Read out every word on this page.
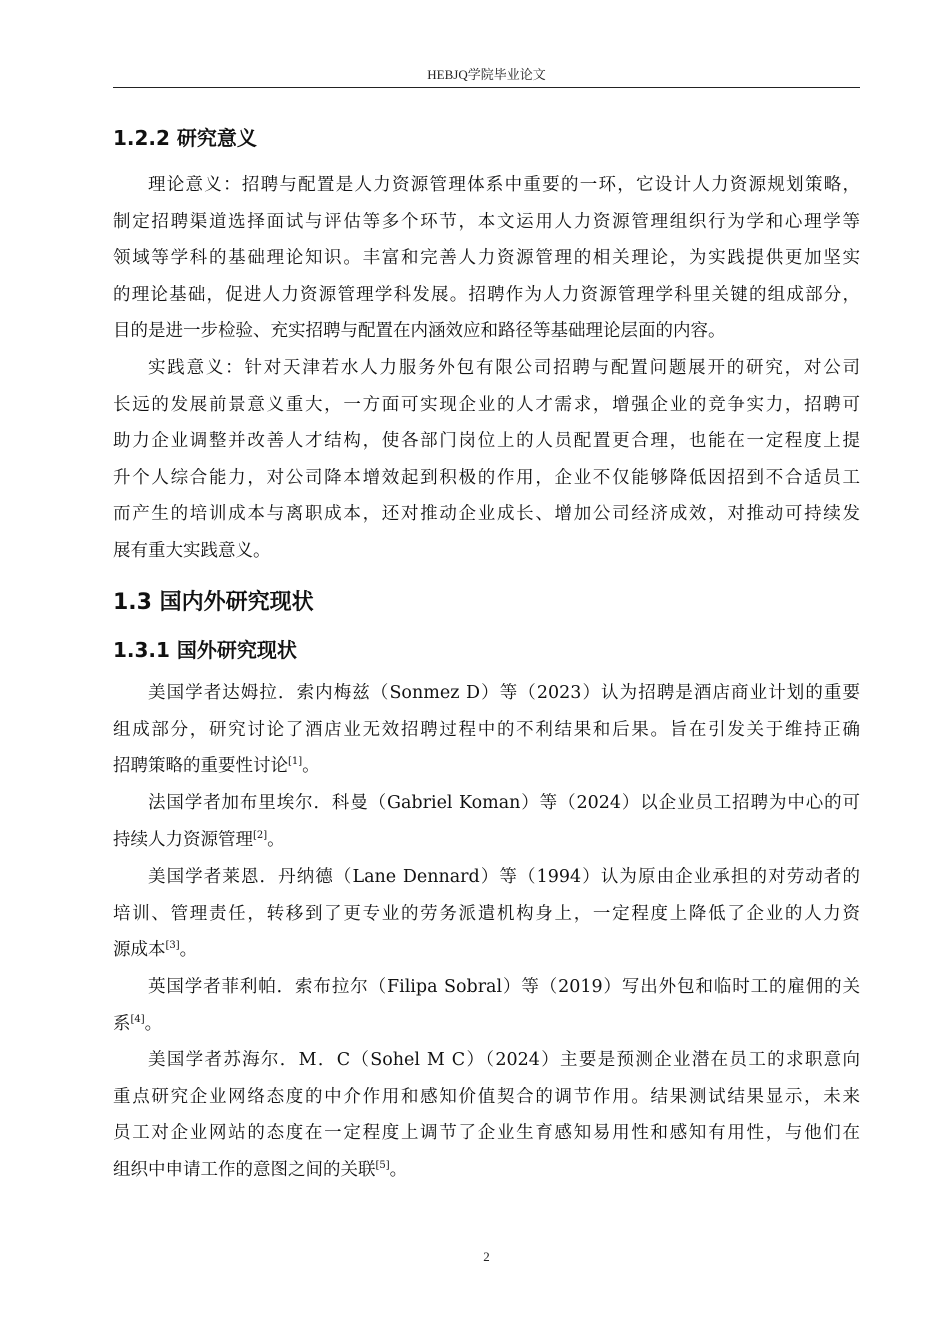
HEBJQ学院毕业论文
1.2.2 研究意义
理论意义：招聘与配置是人力资源管理体系中重要的一环，它设计人力资源规划策略，
制定招聘渠道选择面试与评估等多个环节，本文运用人力资源管理组织行为学和心理学等
领域等学科的基础理论知识。丰富和完善人力资源管理的相关理论，为实践提供更加坚实
的理论基础，促进人力资源管理学科发展。招聘作为人力资源管理学科里关键的组成部分，
目的是进一步检验、充实招聘与配置在内涵效应和路径等基础理论层面的内容。
实践意义：针对天津若水人力服务外包有限公司招聘与配置问题展开的研究，对公司
长远的发展前景意义重大，一方面可实现企业的人才需求，增强企业的竞争实力，招聘可
助力企业调整并改善人才结构，使各部门岗位上的人员配置更合理，也能在一定程度上提
升个人综合能力，对公司降本增效起到积极的作用，企业不仅能够降低因招到不合适员工
而产生的培训成本与离职成本，还对推动企业成长、增加公司经济成效，对推动可持续发
展有重大实践意义。
1.3 国内外研究现状
1.3.1 国外研究现状
美国学者达姆拉．索内梅兹（Sonmez D）等（2023）认为招聘是酒店商业计划的重要
组成部分，研究讨论了酒店业无效招聘过程中的不利结果和后果。旨在引发关于维持正确
招聘策略的重要性讨论[1]。
法国学者加布里埃尔．科曼（Gabriel Koman）等（2024）以企业员工招聘为中心的可
持续人力资源管理[2]。
美国学者莱恩．丹纳德（Lane Dennard）等（1994）认为原由企业承担的对劳动者的
培训、管理责任，转移到了更专业的劳务派遣机构身上，一定程度上降低了企业的人力资
源成本[3]。
英国学者菲利帕．索布拉尔（Filipa Sobral）等（2019）写出外包和临时工的雇佣的关
系[4]。
美国学者苏海尔．M．C（Sohel M C）（2024）主要是预测企业潜在员工的求职意向
重点研究企业网络态度的中介作用和感知价值契合的调节作用。结果测试结果显示，未来
员工对企业网站的态度在一定程度上调节了企业生育感知易用性和感知有用性，与他们在
组织中申请工作的意图之间的关联[5]。
2
